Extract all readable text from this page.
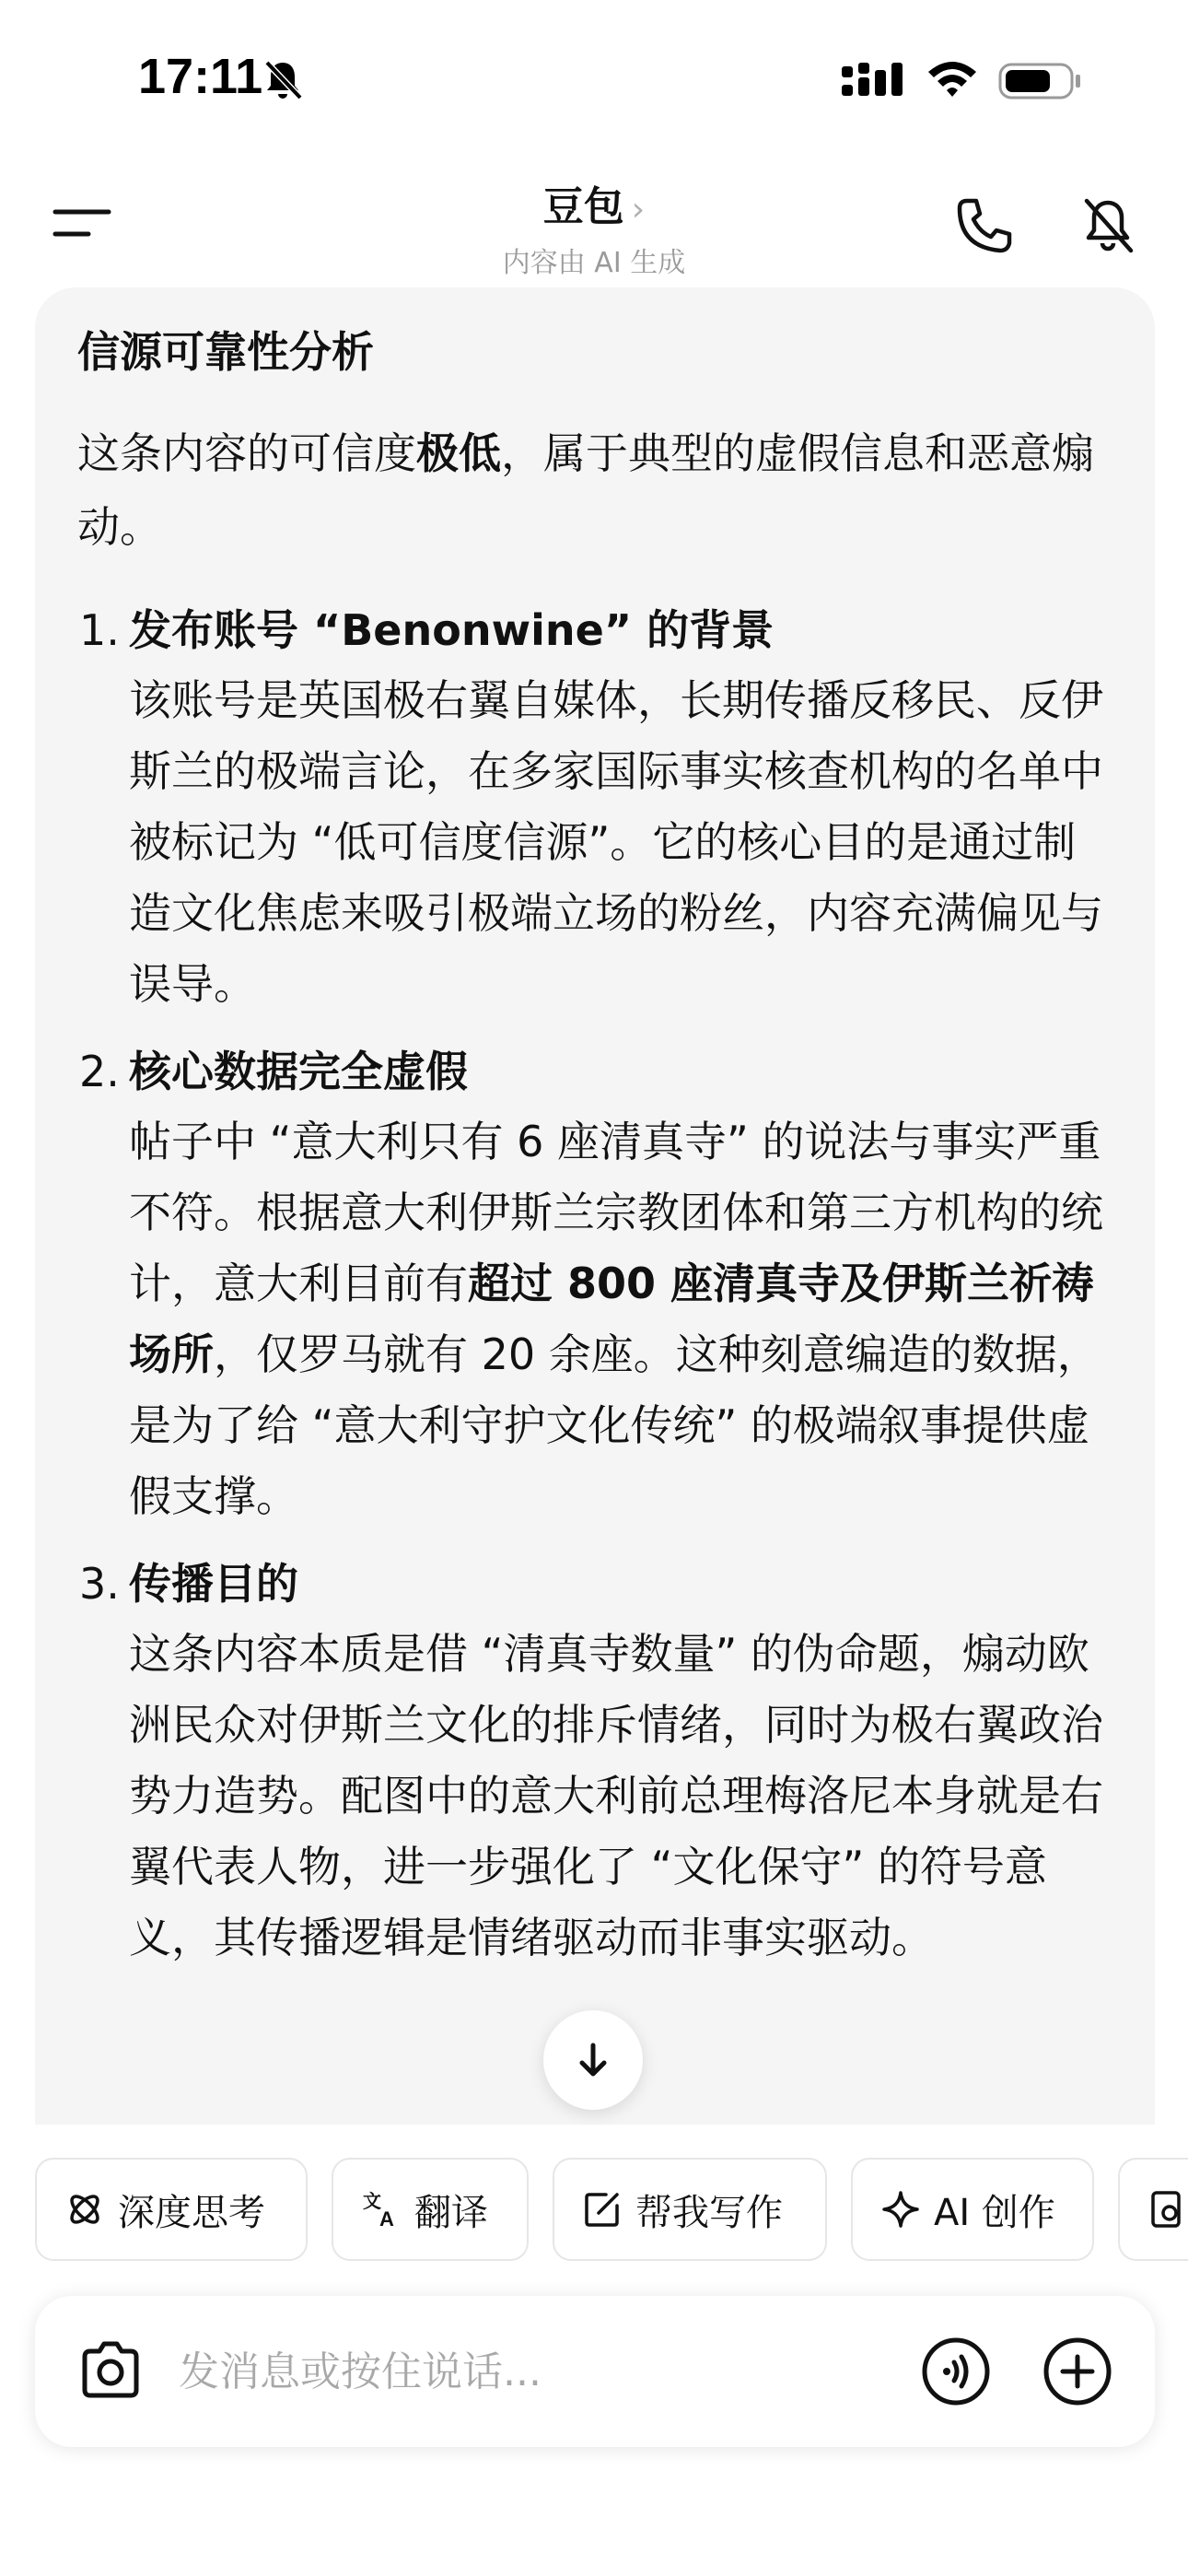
17:11
豆包 ›
内容由 AI 生成
信源可靠性分析
这条内容的可信度极低，属于典型的虚假信息和恶意煽动。
1. 发布账号 “Benonwine” 的背景
该账号是英国极右翼自媒体，长期传播反移民、反伊斯兰的极端言论，在多家国际事实核查机构的名单中被标记为 “低可信度信源”。它的核心目的是通过制造文化焦虑来吸引极端立场的粉丝，内容充满偏见与误导。
2. 核心数据完全虚假
帖子中 “意大利只有 6 座清真寺” 的说法与事实严重不符。根据意大利伊斯兰宗教团体和第三方机构的统计，意大利目前有超过 800 座清真寺及伊斯兰祈祷场所，仅罗马就有 20 余座。这种刻意编造的数据，是为了给 “意大利守护文化传统” 的极端叙事提供虚假支撑。
3. 传播目的
这条内容本质是借 “清真寺数量” 的伪命题，煽动欧洲民众对伊斯兰文化的排斥情绪，同时为极右翼政治势力造势。配图中的意大利前总理梅洛尼本身就是右翼代表人物，进一步强化了 “文化保守” 的符号意义，其传播逻辑是情绪驱动而非事实驱动。
深度思考	文
A 翻译	帮我写作	AI 创作
发消息或按住说话...
